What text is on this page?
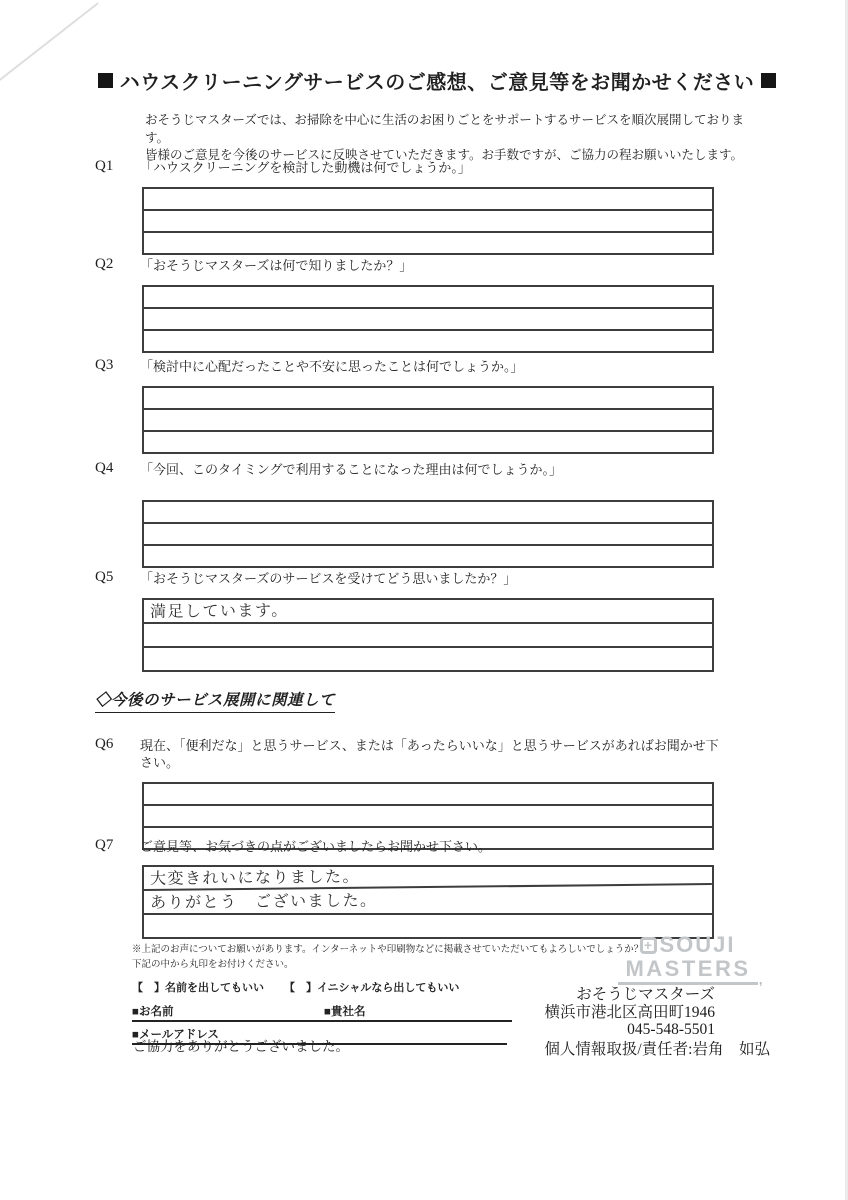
ハウスクリーニングサービスのご感想、ご意見等をお聞かせください
おそうじマスターズでは、お掃除を中心に生活のお困りごとをサポートするサービスを順次展開しております。
皆様のご意見を今後のサービスに反映させていただきます。お手数ですが、ご協力の程お願いいたします。
Q1	「ハウスクリーニングを検討した動機は何でしょうか。」
Q2	「おそうじマスターズは何で知りましたか？」
Q3	「検討中に心配だったことや不安に思ったことは何でしょうか。」
Q4	「今回、このタイミングで利用することになった理由は何でしょうか。」
Q5	「おそうじマスターズのサービスを受けてどう思いましたか？」
満足しています。
◇今後のサービス展開に関連して
Q6	現在、「便利だな」と思うサービス、または「あったらいいな」と思うサービスがあればお聞かせ下さい。
Q7	ご意見等、お気づきの点がございましたらお聞かせ下さい。
大変きれいになりました。
ありがとう　ございました。
※上記のお声についてお願いがあります。インターネットや印刷物などに掲載させていただいてもよろしいでしょうか？
下記の中から丸印をお付けください。
【　】名前を出してもいい 【　】イニシャルなら出してもいい
■お名前	■貴社名
■メールアドレス
ご協力をありがとうございました。
+ SOUJI
MASTERS ,
おそうじマスターズ
横浜市港北区高田町1946
045-548-5501
個人情報取扱/責任者:岩角　如弘
